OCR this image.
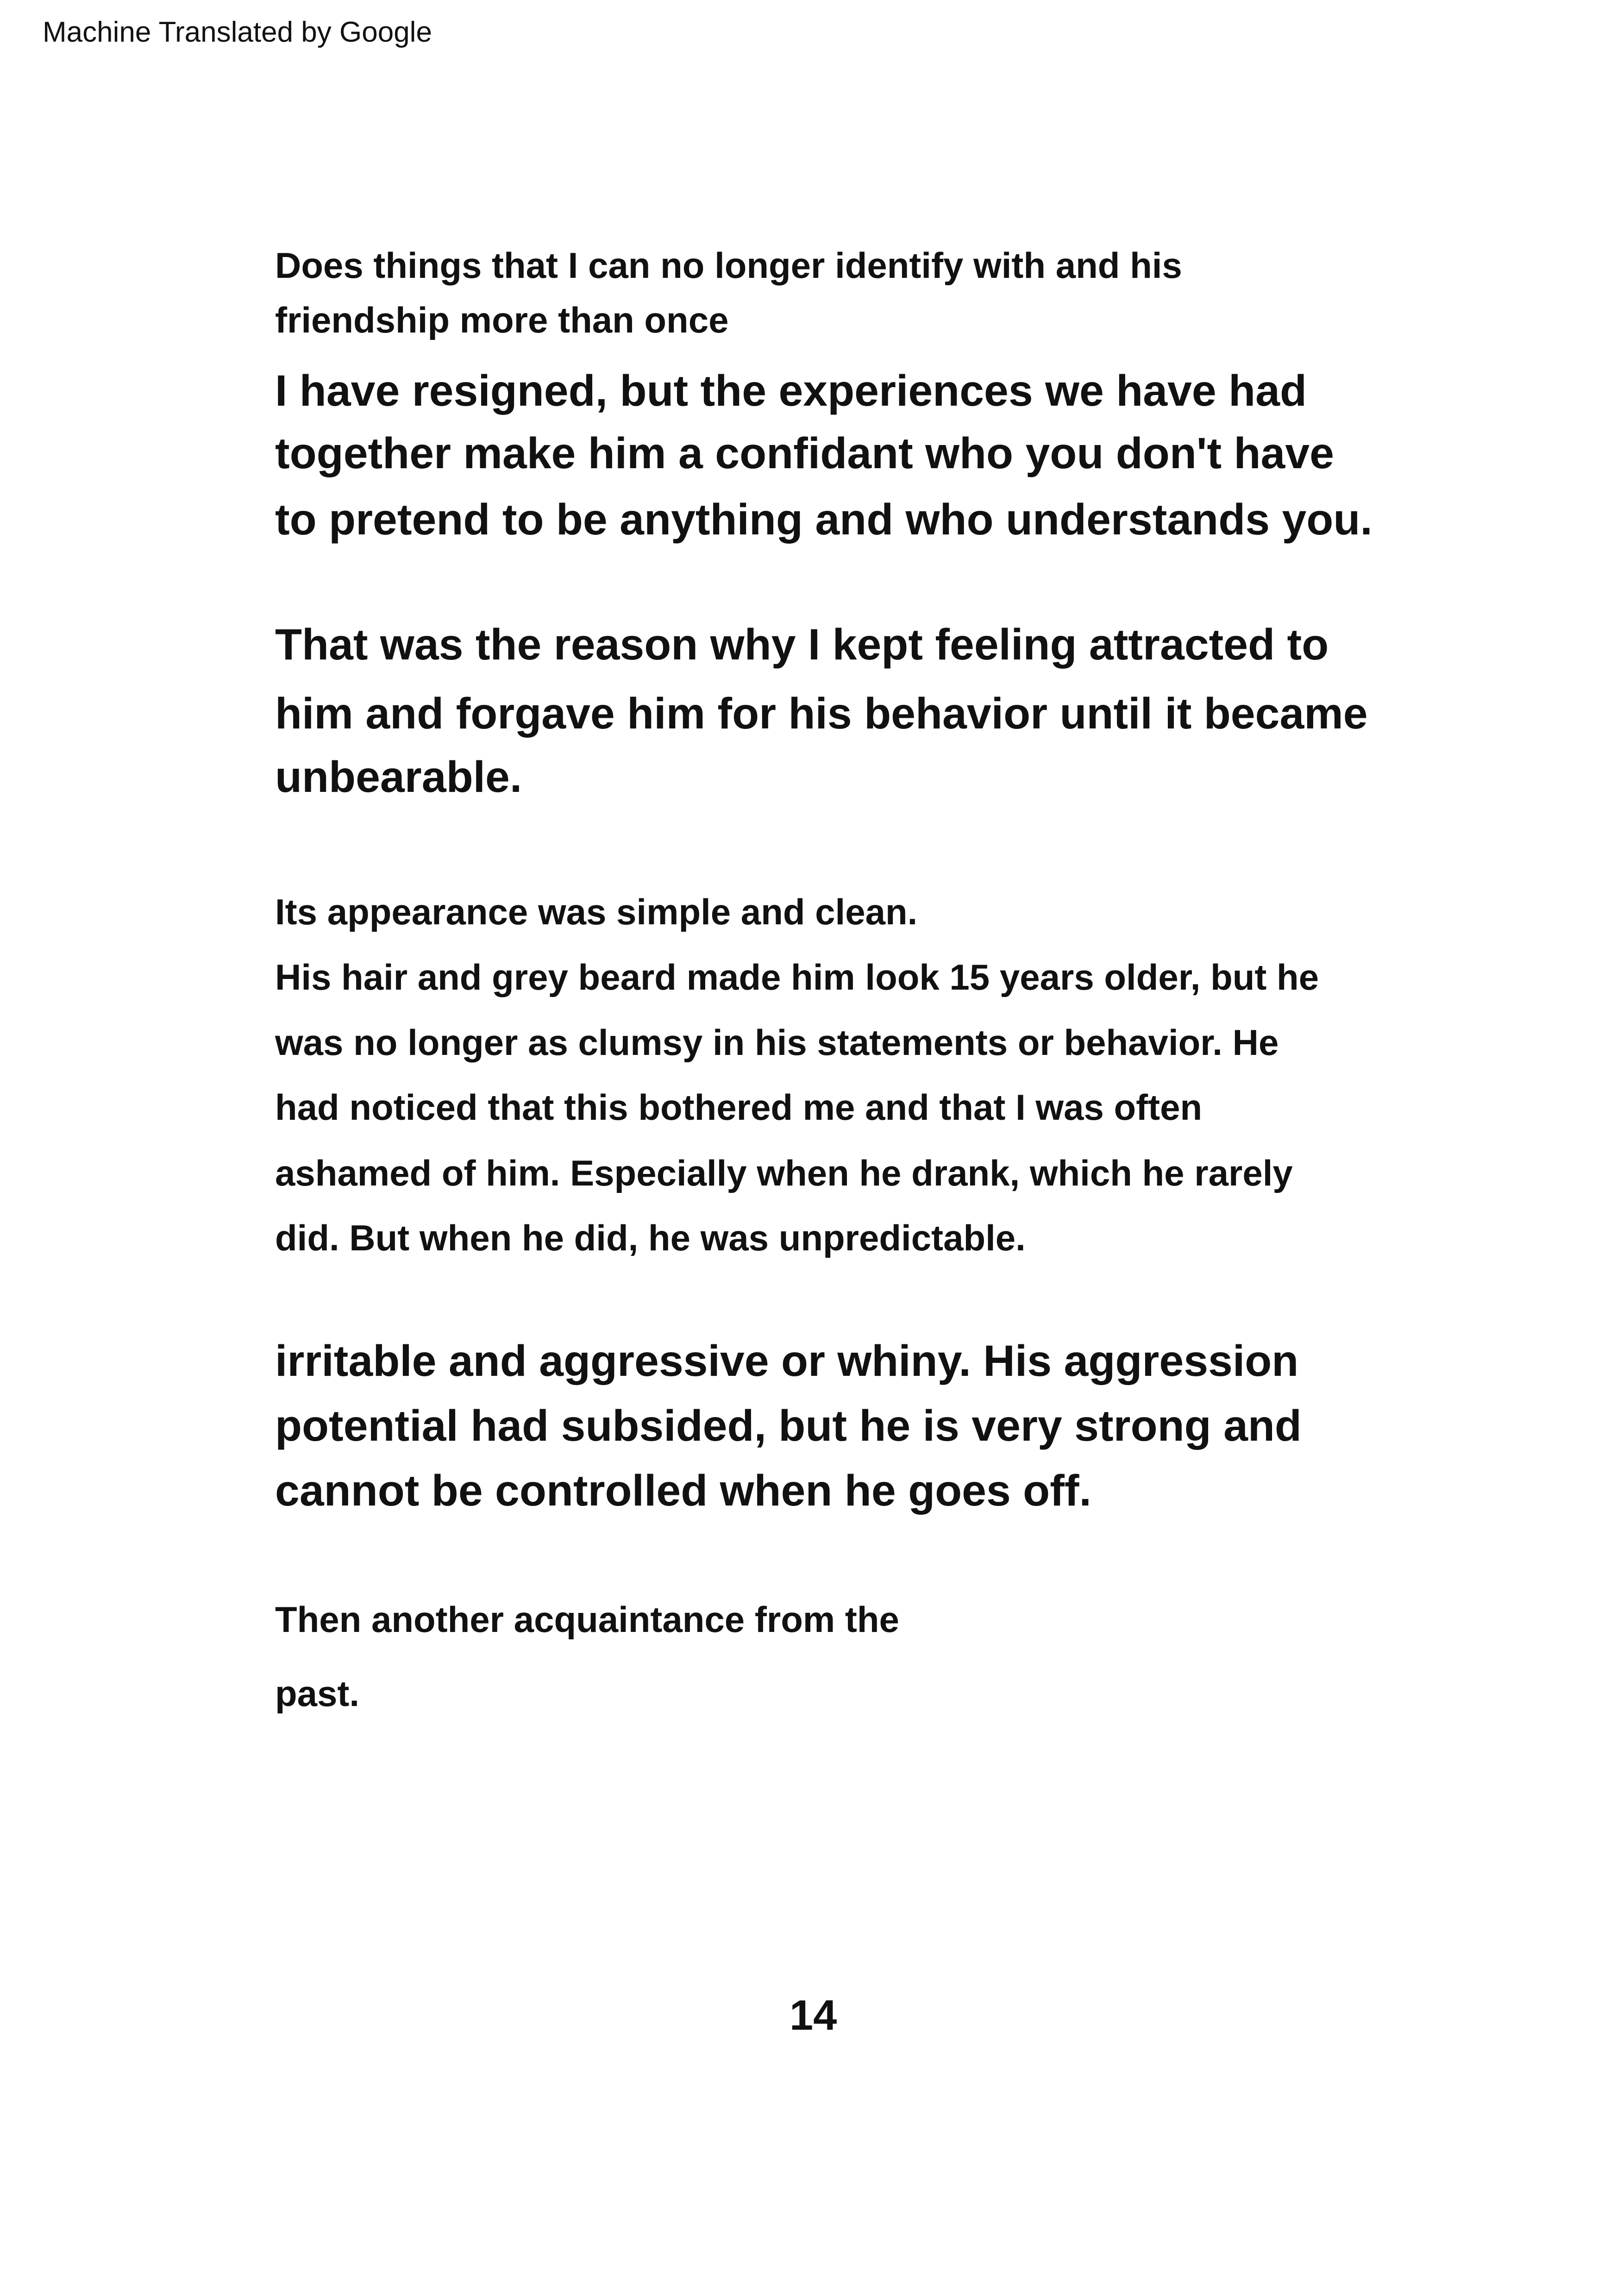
Machine Translated by Google
Does things that I can no longer identify with and his
friendship more than once
I have resigned, but the experiences we have had
together make him a confidant who you don't have
to pretend to be anything and who understands you.
That was the reason why I kept feeling attracted to
him and forgave him for his behavior until it became
unbearable.
Its appearance was simple and clean.
His hair and grey beard made him look 15 years older, but he
was no longer as clumsy in his statements or behavior. He
had noticed that this bothered me and that I was often
ashamed of him. Especially when he drank, which he rarely
did. But when he did, he was unpredictable.
irritable and aggressive or whiny. His aggression
potential had subsided, but he is very strong and
cannot be controlled when he goes off.
Then another acquaintance from the
past.
14
